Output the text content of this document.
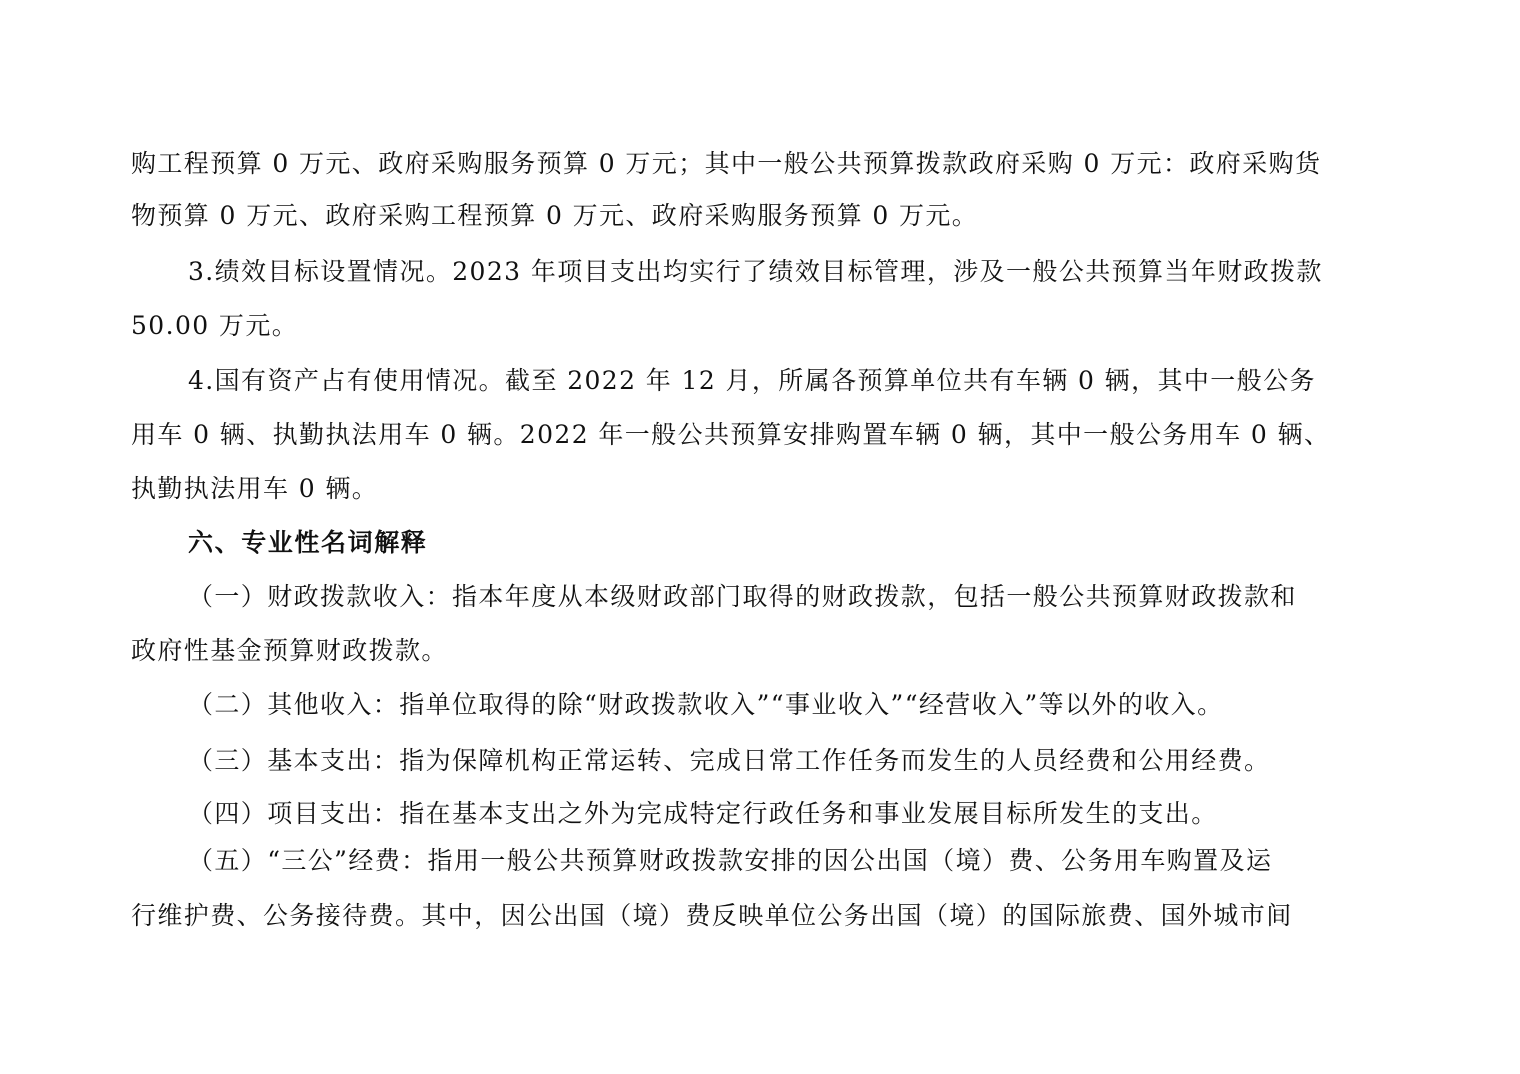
购工程预算 0 万元、政府采购服务预算 0 万元；其中一般公共预算拨款政府采购 0 万元：政府采购货
物预算 0 万元、政府采购工程预算 0 万元、政府采购服务预算 0 万元。
3.绩效目标设置情况。2023 年项目支出均实行了绩效目标管理，涉及一般公共预算当年财政拨款
50.00 万元。
4.国有资产占有使用情况。截至 2022 年 12 月，所属各预算单位共有车辆 0 辆，其中一般公务
用车 0 辆、执勤执法用车 0 辆。2022 年一般公共预算安排购置车辆 0 辆，其中一般公务用车 0 辆、
执勤执法用车 0 辆。
六、专业性名词解释
（一）财政拨款收入：指本年度从本级财政部门取得的财政拨款，包括一般公共预算财政拨款和
政府性基金预算财政拨款。
（二）其他收入：指单位取得的除“财政拨款收入”“事业收入”“经营收入”等以外的收入。
（三）基本支出：指为保障机构正常运转、完成日常工作任务而发生的人员经费和公用经费。
（四）项目支出：指在基本支出之外为完成特定行政任务和事业发展目标所发生的支出。
（五）“三公”经费：指用一般公共预算财政拨款安排的因公出国（境）费、公务用车购置及运
行维护费、公务接待费。其中，因公出国（境）费反映单位公务出国（境）的国际旅费、国外城市间
